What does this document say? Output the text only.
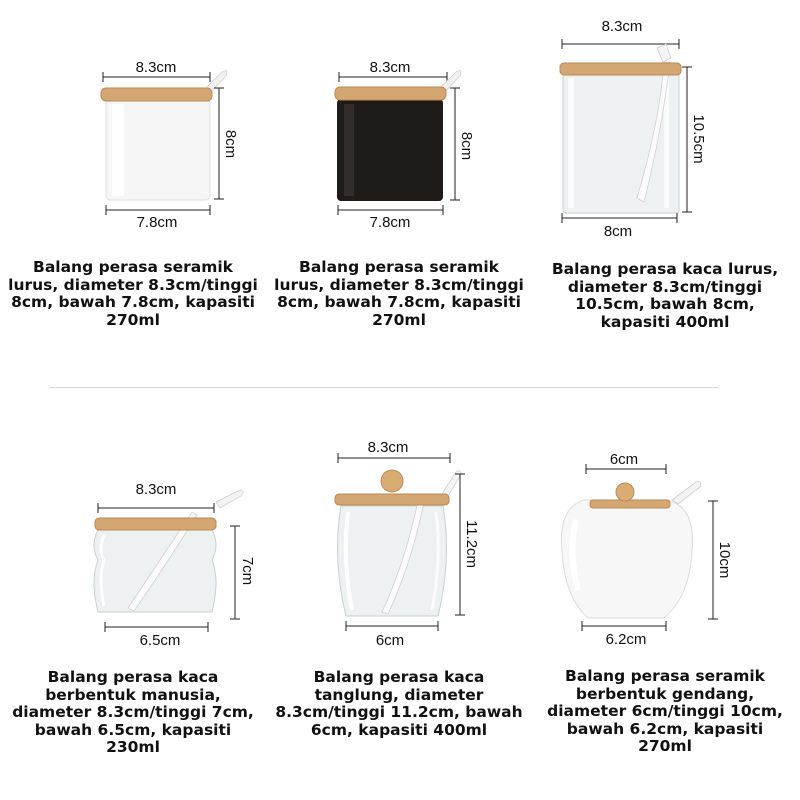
8.3cm
8cm
7.8cm
Balang perasa seramik lurus, diameter 8.3cm/tinggi 8cm, bawah 7.8cm, kapasiti 270ml
8.3cm
8cm
7.8cm
Balang perasa seramik lurus, diameter 8.3cm/tinggi 8cm, bawah 7.8cm, kapasiti 270ml
8.3cm
10.5cm
8cm
Balang perasa kaca lurus, diameter 8.3cm/tinggi 10.5cm, bawah 8cm, kapasiti 400ml
8.3cm
7cm
6.5cm
Balang perasa kaca berbentuk manusia, diameter 8.3cm/tinggi 7cm, bawah 6.5cm, kapasiti 230ml
8.3cm
11.2cm
6cm
Balang perasa kaca tanglung, diameter 8.3cm/tinggi 11.2cm, bawah 6cm, kapasiti 400ml
6cm
10cm
6.2cm
Balang perasa seramik berbentuk gendang, diameter 6cm/tinggi 10cm, bawah 6.2cm, kapasiti 270ml
